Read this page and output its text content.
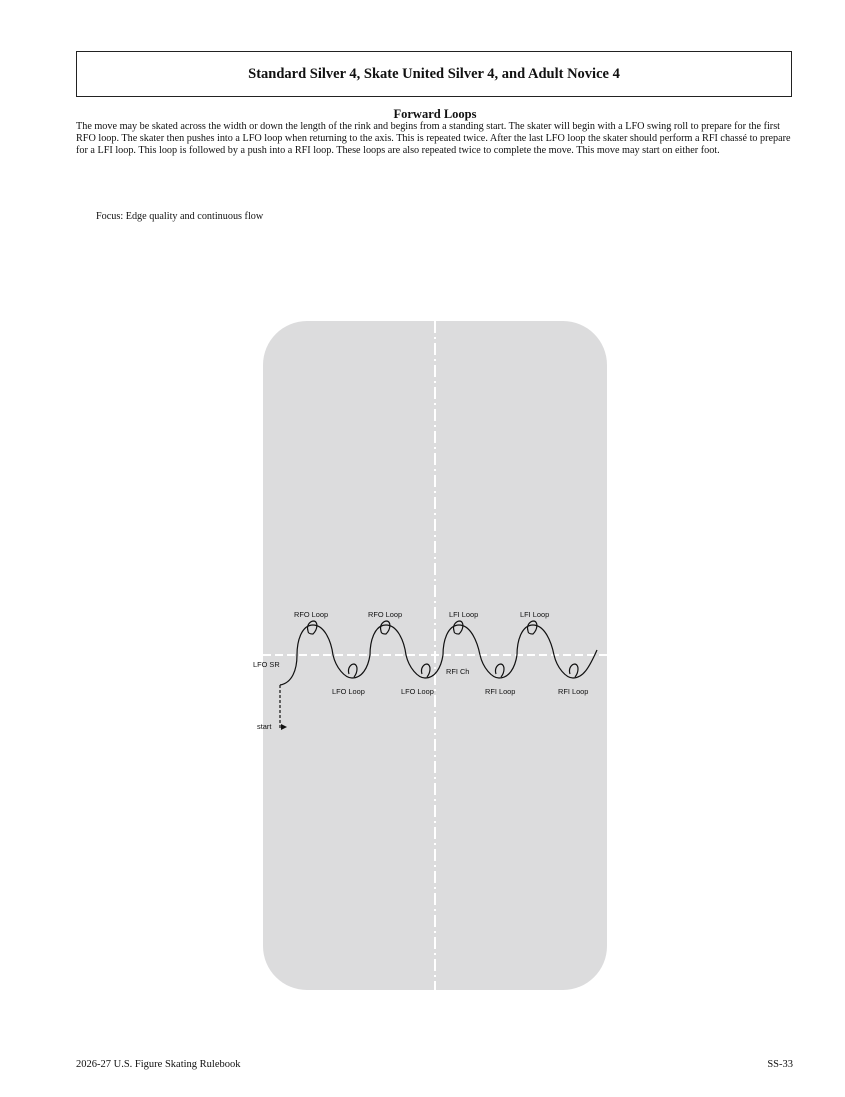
Standard Silver 4, Skate United Silver 4, and Adult Novice 4
Forward Loops

The move may be skated across the width or down the length of the rink and begins from a standing start. The skater will begin with a LFO swing roll to prepare for the first RFO loop. The skater then pushes into a LFO loop when returning to the axis. This is repeated twice. After the last LFO loop the skater should perform a RFI chassé to prepare for a LFI loop. This loop is followed by a push into a RFI loop. These loops are also repeated twice to complete the move. This move may start on either foot.

Focus: Edge quality and continuous flow
LFO SR
start
RFO Loop	RFO Loop
LFO Loop	LFO Loop
RFI Ch
LFI Loop	LFI Loop
RFI Loop	RFI Loop
2026-27 U.S. Figure Skating Rulebook	SS-33
